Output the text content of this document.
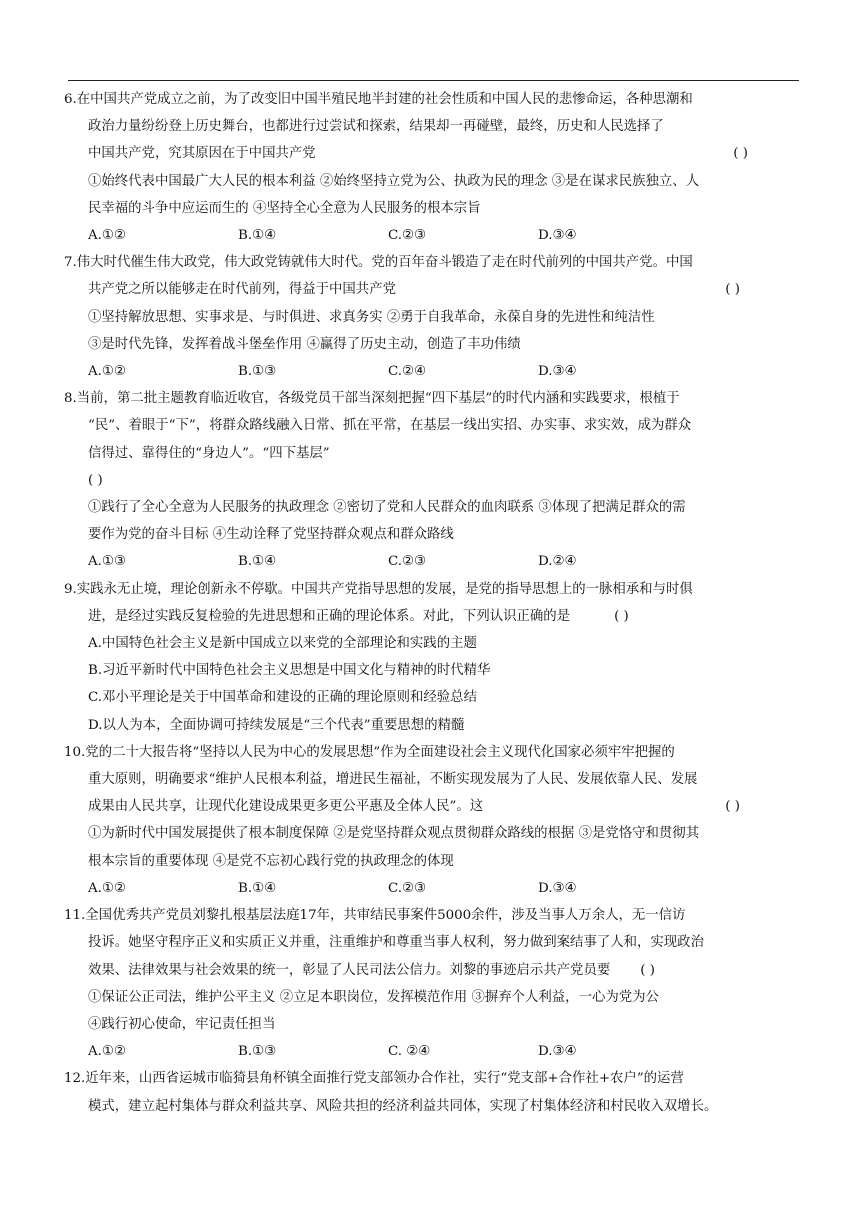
6.在中国共产党成立之前，为了改变旧中国半殖民地半封建的社会性质和中国人民的悲惨命运，各种思潮和
政治力量纷纷登上历史舞台，也都进行过尝试和探索，结果却一再碰壁，最终，历史和人民选择了
中国共产党，究其原因在于中国共产党	( )
①始终代表中国最广大人民的根本利益 ②始终坚持立党为公、执政为民的理念 ③是在谋求民族独立、人
民幸福的斗争中应运而生的 ④坚持全心全意为人民服务的根本宗旨
A.①②	B.①④	C.②③	D.③④
7.伟大时代催生伟大政党，伟大政党铸就伟大时代。党的百年奋斗锻造了走在时代前列的中国共产党。中国
共产党之所以能够走在时代前列，得益于中国共产党	( )
①坚持解放思想、实事求是、与时俱进、求真务实 ②勇于自我革命，永葆自身的先进性和纯洁性
③是时代先锋，发挥着战斗堡垒作用 ④赢得了历史主动，创造了丰功伟绩
A.①②	B.①③	C.②④	D.③④
8.当前，第二批主题教育临近收官，各级党员干部当深刻把握“四下基层”的时代内涵和实践要求，根植于
“民”、着眼于“下”，将群众路线融入日常、抓在平常，在基层一线出实招、办实事、求实效，成为群众
信得过、靠得住的“身边人”。“四下基层”
( )
①践行了全心全意为人民服务的执政理念 ②密切了党和人民群众的血肉联系 ③体现了把满足群众的需
要作为党的奋斗目标 ④生动诠释了党坚持群众观点和群众路线
A.①③	B.①④	C.②③	D.②④
9.实践永无止境，理论创新永不停歇。中国共产党指导思想的发展，是党的指导思想上的一脉相承和与时俱
进，是经过实践反复检验的先进思想和正确的理论体系。对此，下列认识正确的是	( )
A.中国特色社会主义是新中国成立以来党的全部理论和实践的主题
B.习近平新时代中国特色社会主义思想是中国文化与精神的时代精华
C.邓小平理论是关于中国革命和建设的正确的理论原则和经验总结
D.以人为本，全面协调可持续发展是“三个代表”重要思想的精髓
10.党的二十大报告将“坚持以人民为中心的发展思想”作为全面建设社会主义现代化国家必须牢牢把握的
重大原则，明确要求“维护人民根本利益，增进民生福祉，不断实现发展为了人民、发展依靠人民、发展
成果由人民共享，让现代化建设成果更多更公平惠及全体人民”。这	( )
①为新时代中国发展提供了根本制度保障 ②是党坚持群众观点贯彻群众路线的根据 ③是党恪守和贯彻其
根本宗旨的重要体现 ④是党不忘初心践行党的执政理念的体现
A.①②	B.①④	C.②③	D.③④
11.全国优秀共产党员刘黎扎根基层法庭17年，共审结民事案件5000余件，涉及当事人万余人，无一信访
投诉。她坚守程序正义和实质正义并重，注重维护和尊重当事人权利，努力做到案结事了人和，实现政治
效果、法律效果与社会效果的统一，彰显了人民司法公信力。刘黎的事迹启示共产党员要 ( )
①保证公正司法，维护公平主义 ②立足本职岗位，发挥模范作用 ③摒弃个人利益，一心为党为公
④践行初心使命，牢记责任担当
A.①②	B.①③	C. ②④	D.③④
12.近年来，山西省运城市临猗县角杯镇全面推行党支部领办合作社，实行“党支部+合作社+农户”的运营
模式，建立起村集体与群众利益共享、风险共担的经济利益共同体，实现了村集体经济和村民收入双增长。
